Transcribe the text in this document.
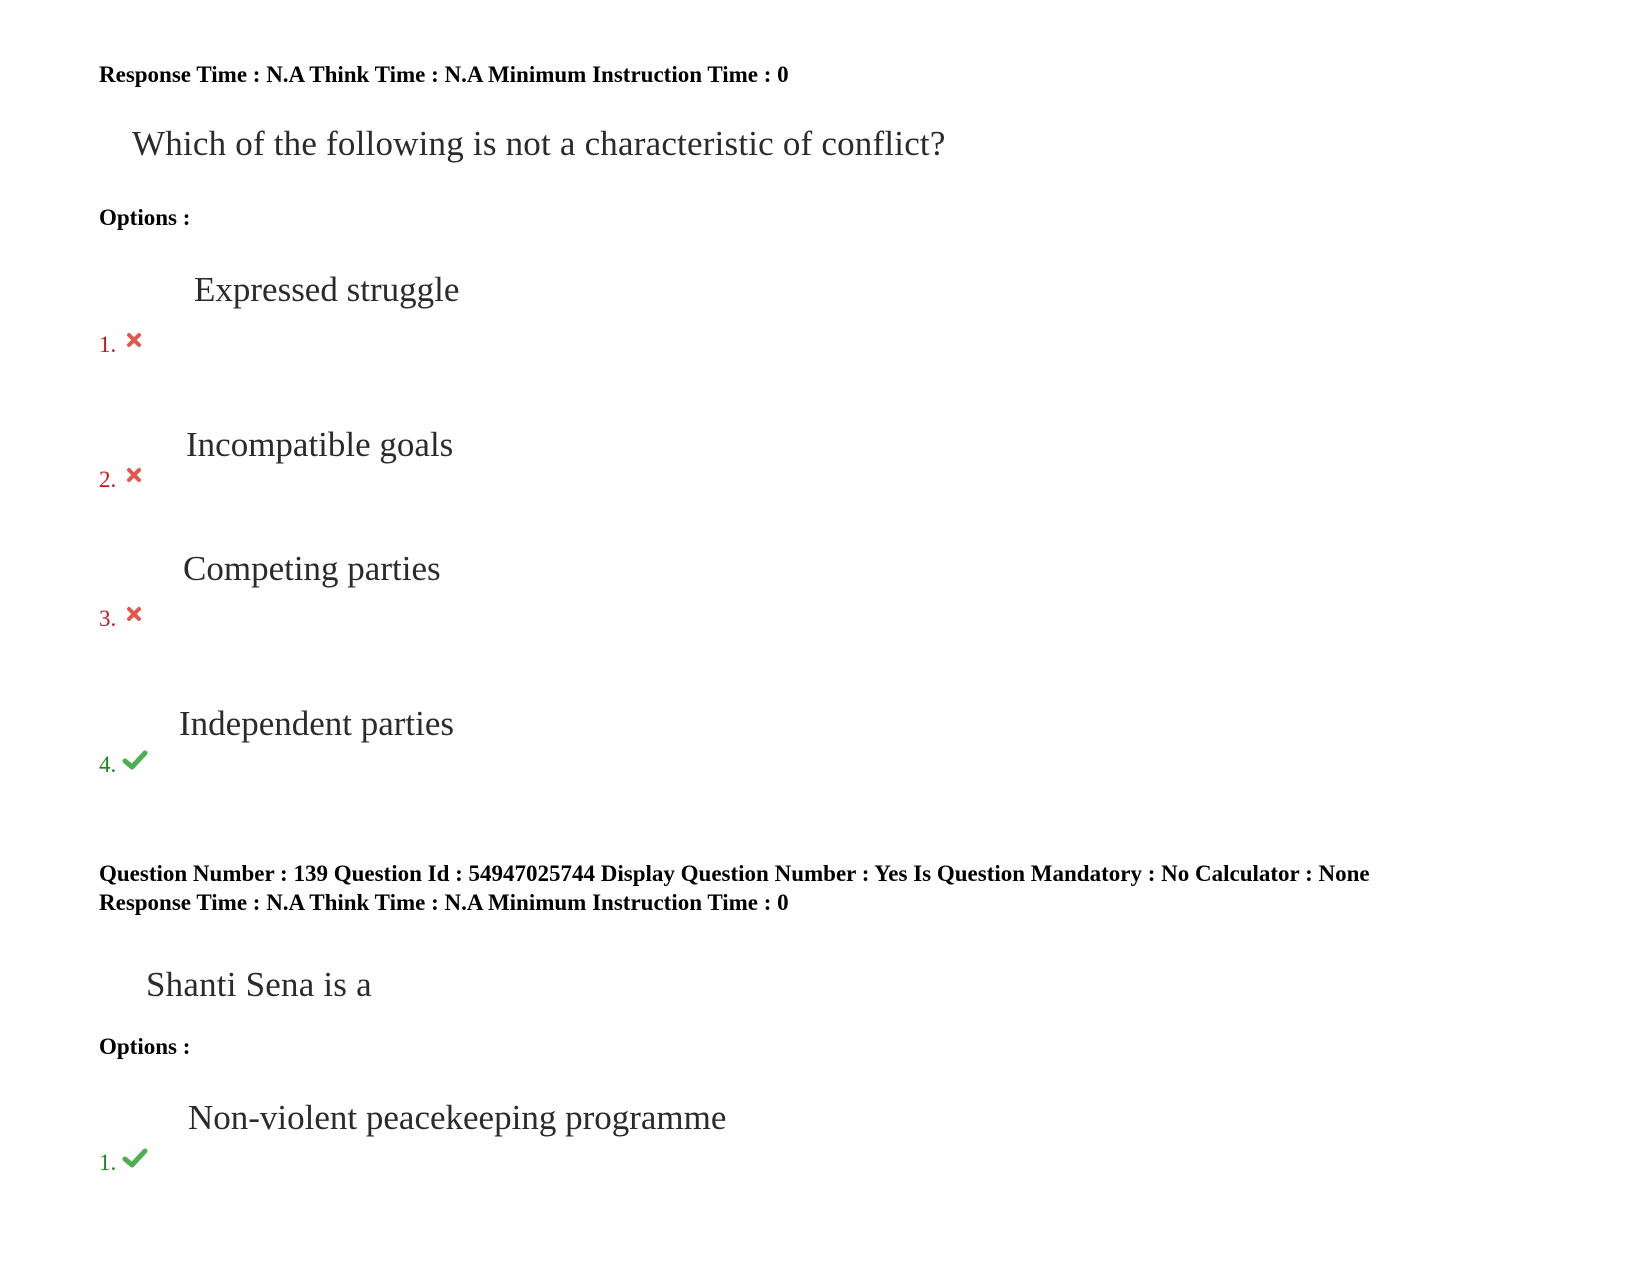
Response Time : N.A Think Time : N.A Minimum Instruction Time : 0
Which of the following is not a characteristic of conflict?
Options :
Expressed struggle
1.
Incompatible goals
2.
Competing parties
3.
Independent parties
4.
Question Number : 139 Question Id : 54947025744 Display Question Number : Yes Is Question Mandatory : No Calculator : None
Response Time : N.A Think Time : N.A Minimum Instruction Time : 0
Shanti Sena is a
Options :
Non-violent peacekeeping programme
1.
